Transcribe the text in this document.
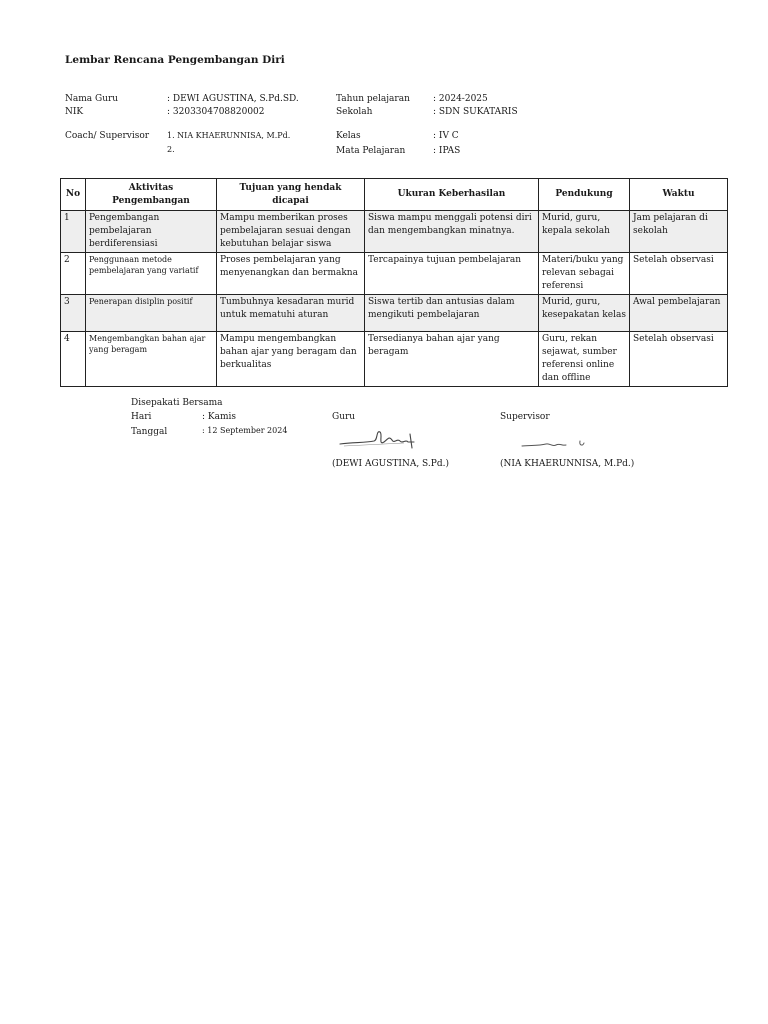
Lembar Rencana Pengembangan Diri
Nama Guru	: DEWI AGUSTINA, S.Pd.SD.
NIK	: 3203304708820002
Coach/ Supervisor 1. NIA KHAERUNNISA, M.Pd.
2.
Tahun pelajaran	: 2024-2025
Sekolah	: SDN SUKATARIS
Kelas	: IV C
Mata Pelajaran	: IPAS
No	Aktivitas Pengembangan	Tujuan yang hendak dicapai	Ukuran Keberhasilan	Pendukung	Waktu
1	Pengembangan pembelajaran berdiferensiasi	Mampu memberikan proses pembelajaran sesuai dengan kebutuhan belajar siswa	Siswa mampu menggali potensi diri dan mengembangkan minatnya.	Murid, guru, kepala sekolah	Jam pelajaran di sekolah
2	Penggunaan metode pembelajaran yang variatif	Proses pembelajaran yang menyenangkan dan bermakna	Tercapainya tujuan pembelajaran	Materi/buku yang relevan sebagai referensi	Setelah observasi
3	Penerapan disiplin positif	Tumbuhnya kesadaran murid untuk mematuhi aturan	Siswa tertib dan antusias dalam mengikuti pembelajaran	Murid, guru, kesepakatan kelas	Awal pembelajaran
4	Mengembangkan bahan ajar yang beragam	Mampu mengembangkan bahan ajar yang beragam dan berkualitas	Tersedianya bahan ajar yang beragam	Guru, rekan sejawat, sumber referensi online dan offline	Setelah observasi
Disepakati Bersama
Hari	: Kamis
Tanggal	: 12 September 2024
Guru
(DEWI AGUSTINA, S.Pd.)
Supervisor
(NIA KHAERUNNISA, M.Pd.)
